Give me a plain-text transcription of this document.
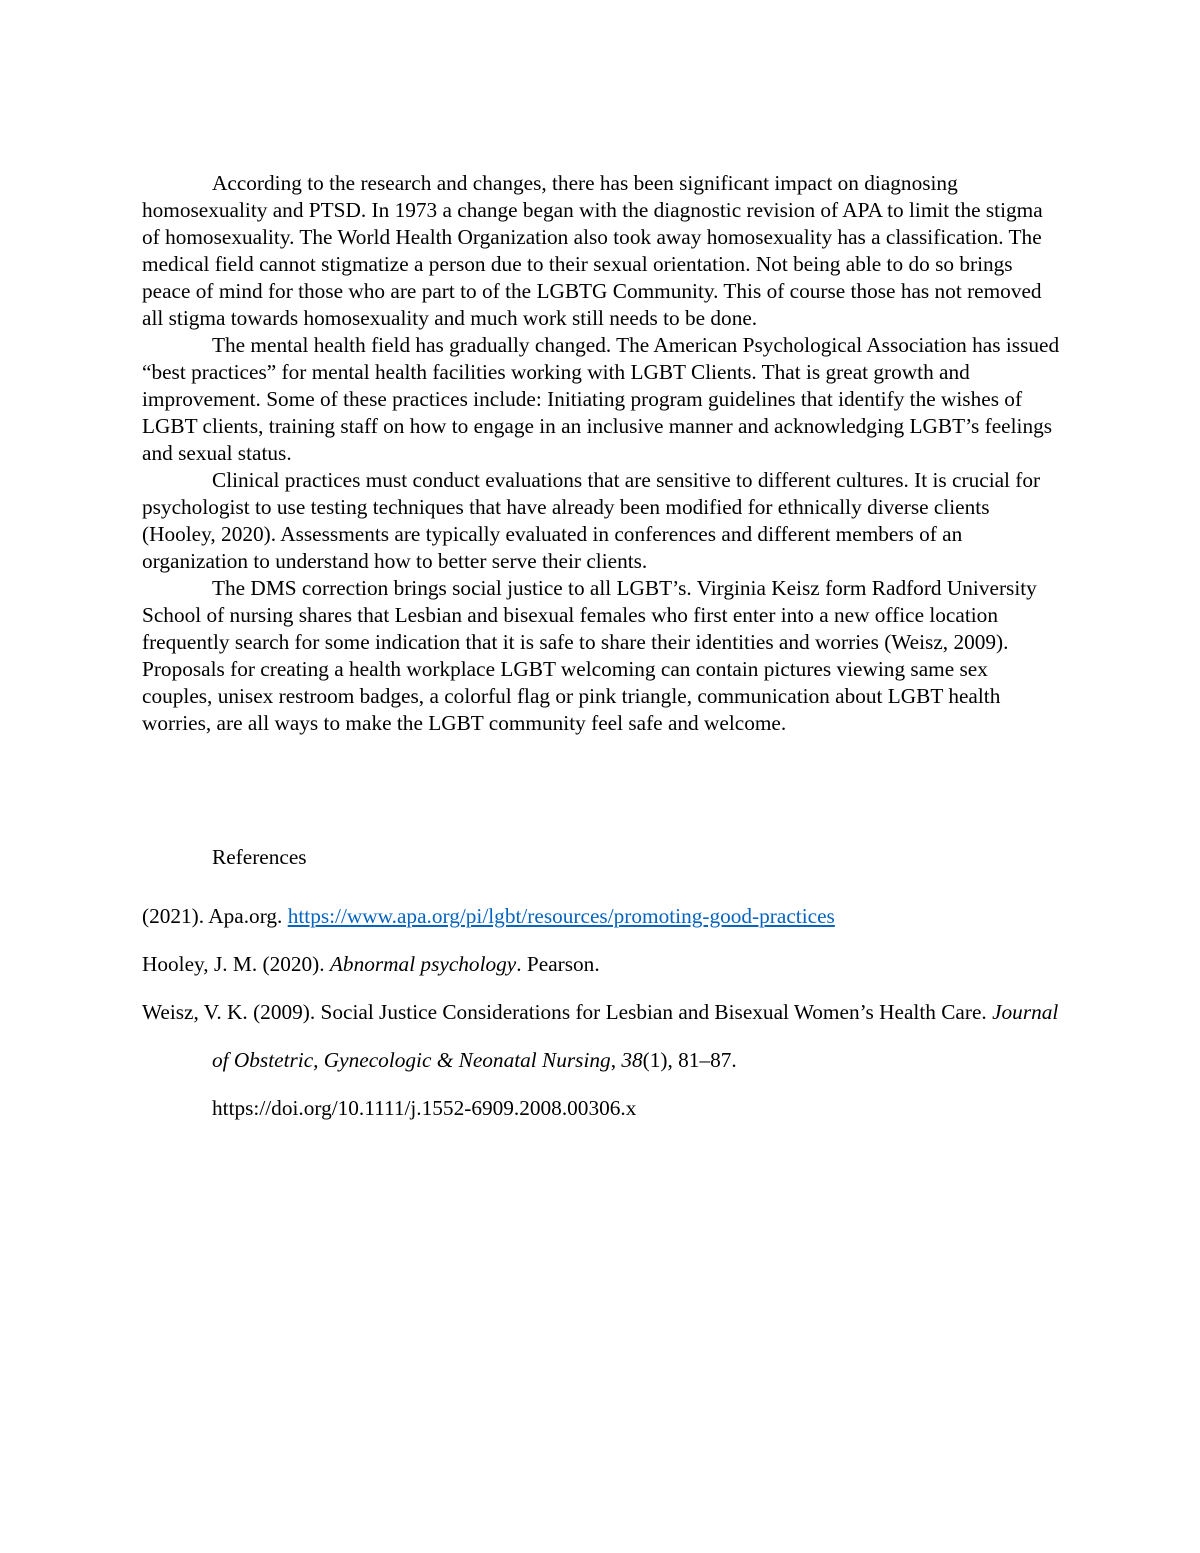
According to the research and changes, there has been significant impact on diagnosing homosexuality and PTSD. In 1973 a change began with the diagnostic revision of APA to limit the stigma of homosexuality. The World Health Organization also took away homosexuality has a classification. The medical field cannot stigmatize a person due to their sexual orientation. Not being able to do so brings peace of mind for those who are part to of the LGBTG Community. This of course those has not removed all stigma towards homosexuality and much work still needs to be done.

The mental health field has gradually changed. The American Psychological Association has issued “best practices” for mental health facilities working with LGBT Clients. That is great growth and improvement. Some of these practices include: Initiating program guidelines that identify the wishes of LGBT clients, training staff on how to engage in an inclusive manner and acknowledging LGBT’s feelings and sexual status.

Clinical practices must conduct evaluations that are sensitive to different cultures. It is crucial for psychologist to use testing techniques that have already been modified for ethnically diverse clients (Hooley, 2020). Assessments are typically evaluated in conferences and different members of an organization to understand how to better serve their clients.

The DMS correction brings social justice to all LGBT’s. Virginia Keisz form Radford University School of nursing shares that Lesbian and bisexual females who first enter into a new office location frequently search for some indication that it is safe to share their identities and worries (Weisz, 2009). Proposals for creating a health workplace LGBT welcoming can contain pictures viewing same sex couples, unisex restroom badges, a colorful flag or pink triangle, communication about LGBT health worries, are all ways to make the LGBT community feel safe and welcome.

References

(2021). Apa.org. https://www.apa.org/pi/lgbt/resources/promoting-good-practices

Hooley, J. M. (2020). Abnormal psychology. Pearson.

Weisz, V. K. (2009). Social Justice Considerations for Lesbian and Bisexual Women’s Health Care. Journal of Obstetric, Gynecologic & Neonatal Nursing, 38(1), 81–87.
https://doi.org/10.1111/j.1552-6909.2008.00306.x
